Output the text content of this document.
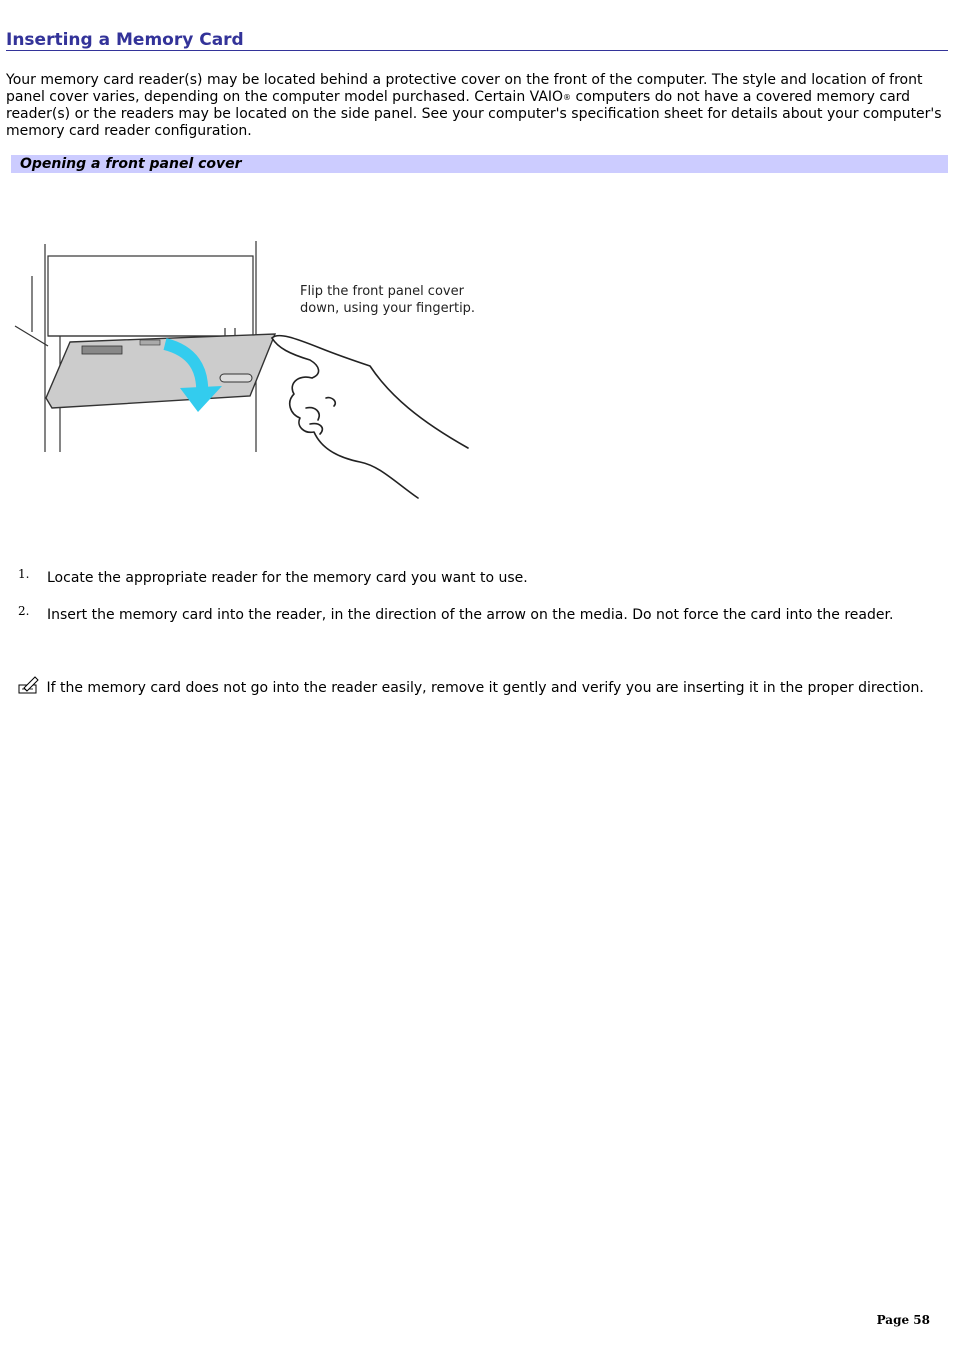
Inserting a Memory Card
Your memory card reader(s) may be located behind a protective cover on the front of the computer. The style and location of front panel cover varies, depending on the computer model purchased. Certain VAIO® computers do not have a covered memory card reader(s) or the readers may be located on the side panel. See your computer's specification sheet for details about your computer's memory card reader configuration.
Opening a front panel cover
Flip the front panel cover
down, using your fingertip.
1. Locate the appropriate reader for the memory card you want to use.
2. Insert the memory card into the reader, in the direction of the arrow on the media. Do not force the card into the reader.
If the memory card does not go into the reader easily, remove it gently and verify you are inserting it in the proper direction.
Page 58
